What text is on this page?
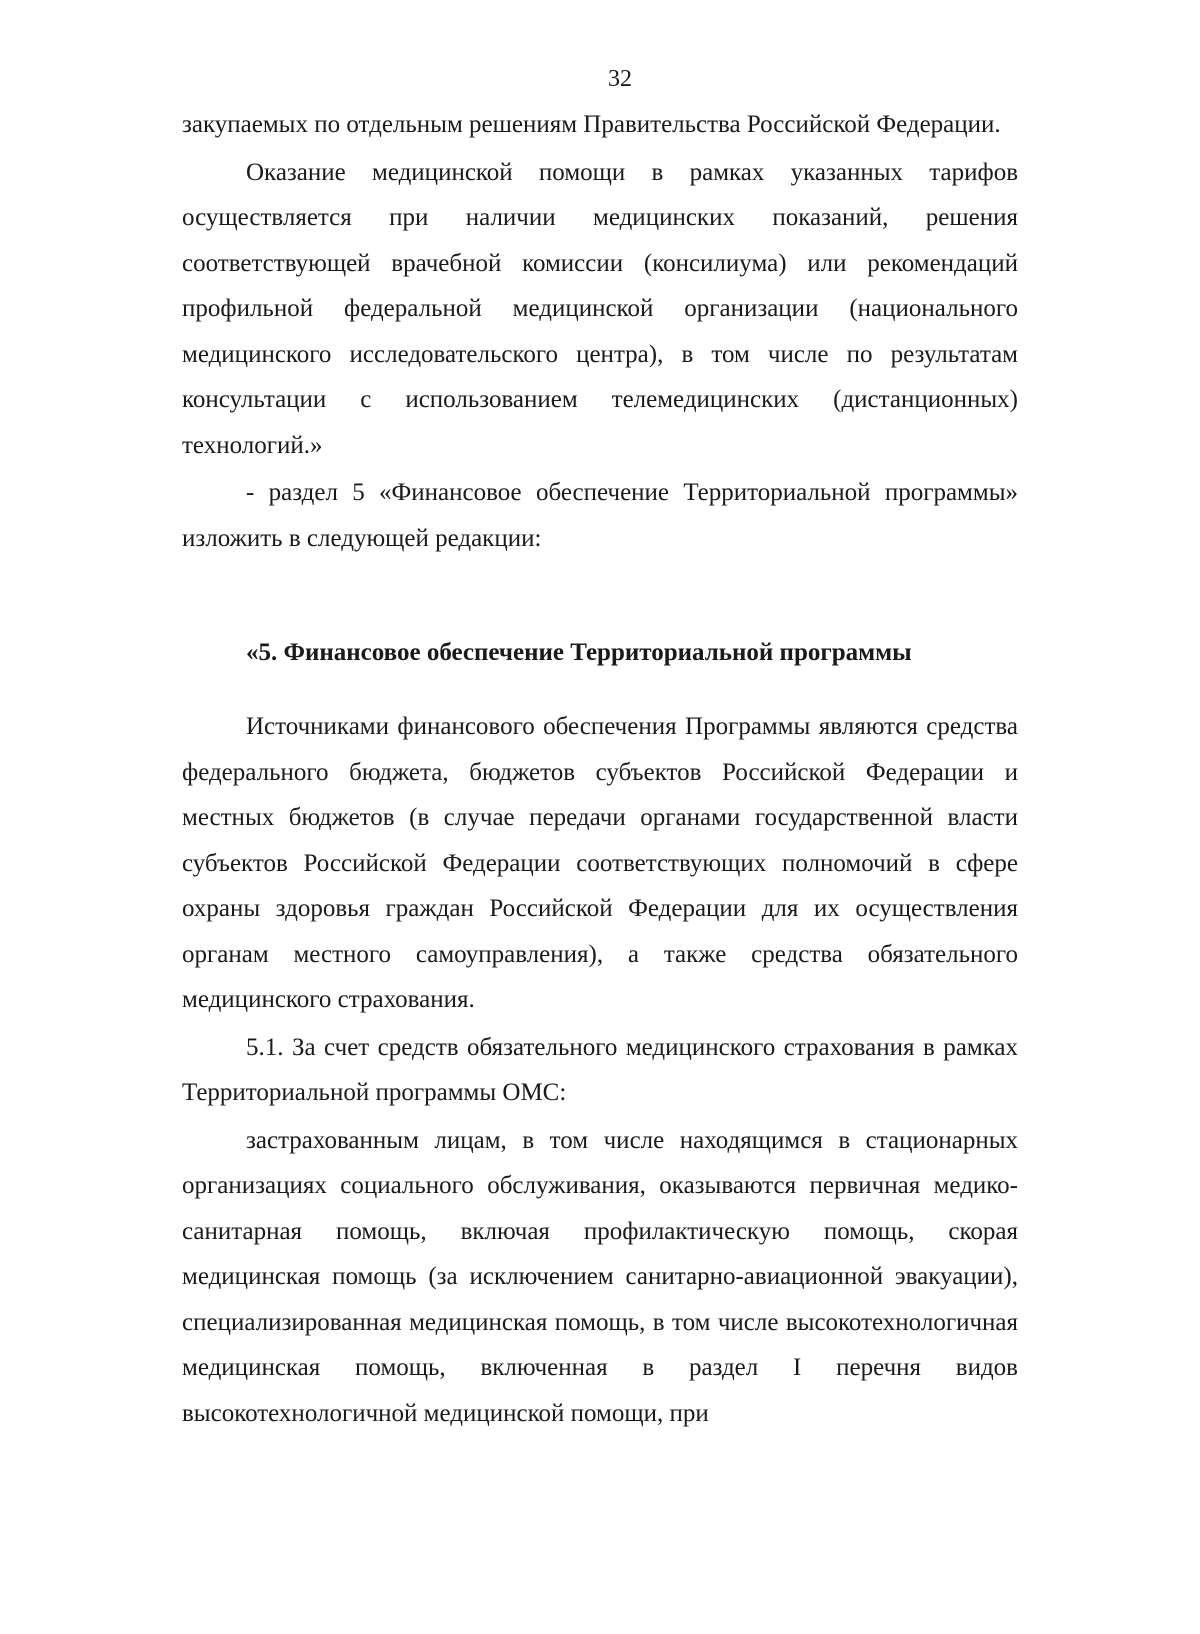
32

закупаемых по отдельным решениям Правительства Российской Федерации.

Оказание медицинской помощи в рамках указанных тарифов осуществляется при наличии медицинских показаний, решения соответствующей врачебной комиссии (консилиума) или рекомендаций профильной федеральной медицинской организации (национального медицинского исследовательского центра), в том числе по результатам консультации с использованием телемедицинских (дистанционных) технологий.»

- раздел 5 «Финансовое обеспечение Территориальной программы» изложить в следующей редакции:

«5. Финансовое обеспечение Территориальной программы

Источниками финансового обеспечения Программы являются средства федерального бюджета, бюджетов субъектов Российской Федерации и местных бюджетов (в случае передачи органами государственной власти субъектов Российской Федерации соответствующих полномочий в сфере охраны здоровья граждан Российской Федерации для их осуществления органам местного самоуправления), а также средства обязательного медицинского страхования.

5.1. За счет средств обязательного медицинского страхования в рамках Территориальной программы ОМС:

застрахованным лицам, в том числе находящимся в стационарных организациях социального обслуживания, оказываются первичная медико-санитарная помощь, включая профилактическую помощь, скорая медицинская помощь (за исключением санитарно-авиационной эвакуации), специализированная медицинская помощь, в том числе высокотехнологичная медицинская помощь, включенная в раздел I перечня видов высокотехнологичной медицинской помощи, при
